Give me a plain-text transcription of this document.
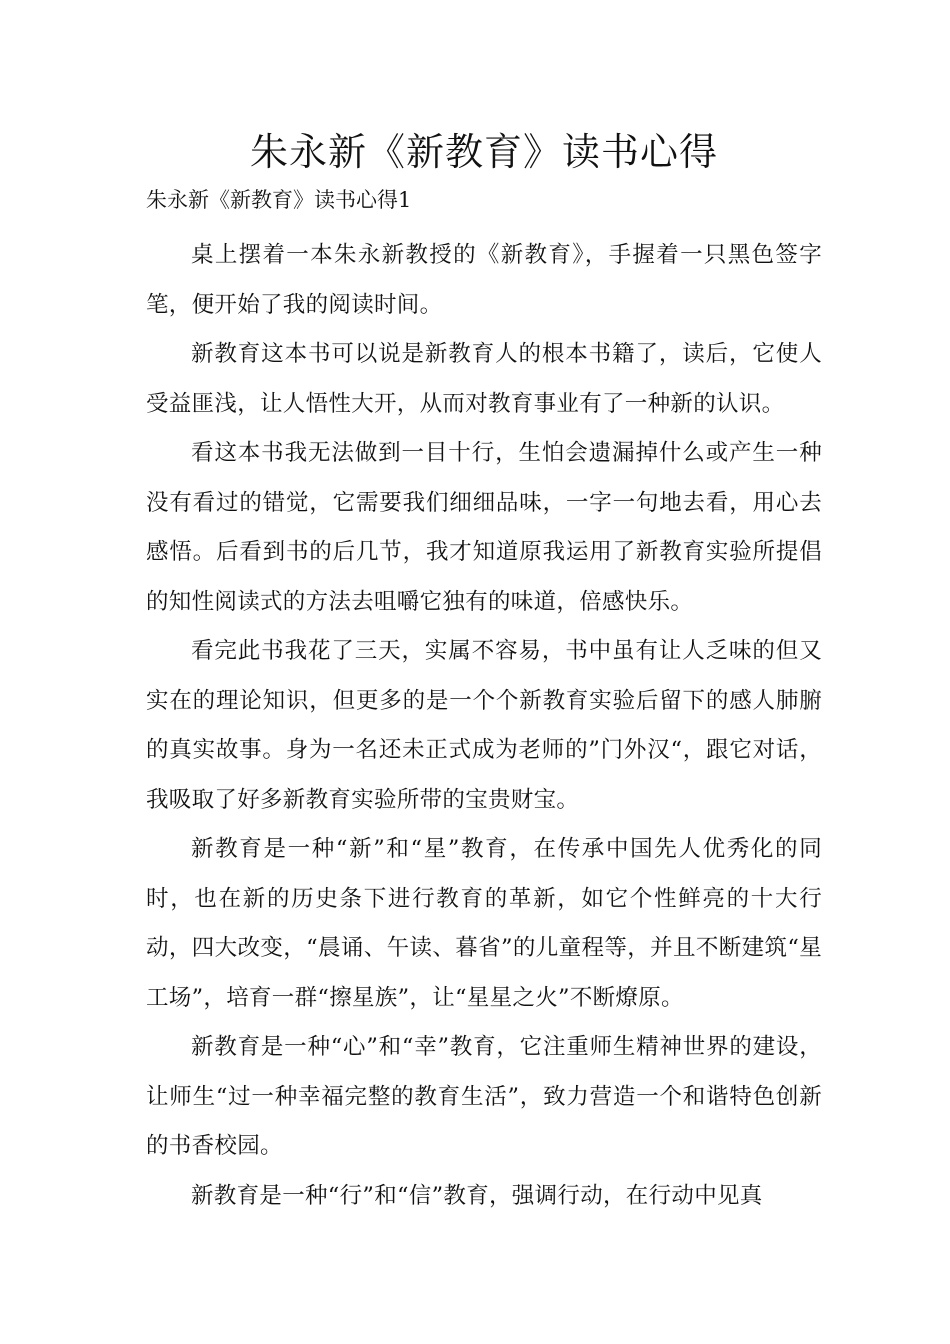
朱永新《新教育》读书心得
朱永新《新教育》读书心得1

桌上摆着一本朱永新教授的《新教育》，手握着一只黑色签字笔，便开始了我的阅读时间。

新教育这本书可以说是新教育人的根本书籍了，读后，它使人受益匪浅，让人悟性大开，从而对教育事业有了一种新的认识。

看这本书我无法做到一目十行，生怕会遗漏掉什么或产生一种没有看过的错觉，它需要我们细细品味，一字一句地去看，用心去感悟。后看到书的后几节，我才知道原我运用了新教育实验所提倡的知性阅读式的方法去咀嚼它独有的味道，倍感快乐。

看完此书我花了三天，实属不容易，书中虽有让人乏味的但又实在的理论知识，但更多的是一个个新教育实验后留下的感人肺腑的真实故事。身为一名还未正式成为老师的”门外汉“，跟它对话，我吸取了好多新教育实验所带的宝贵财宝。

新教育是一种“新”和“星”教育，在传承中国先人优秀化的同时，也在新的历史条下进行教育的革新，如它个性鲜亮的十大行动，四大改变，“晨诵、午读、暮省”的儿童程等，并且不断建筑“星工场”，培育一群“擦星族”，让“星星之火”不断燎原。

新教育是一种“心”和“幸”教育，它注重师生精神世界的建设，让师生“过一种幸福完整的教育生活”，致力营造一个和谐特色创新的书香校园。

新教育是一种“行”和“信”教育，强调行动，在行动中见真
